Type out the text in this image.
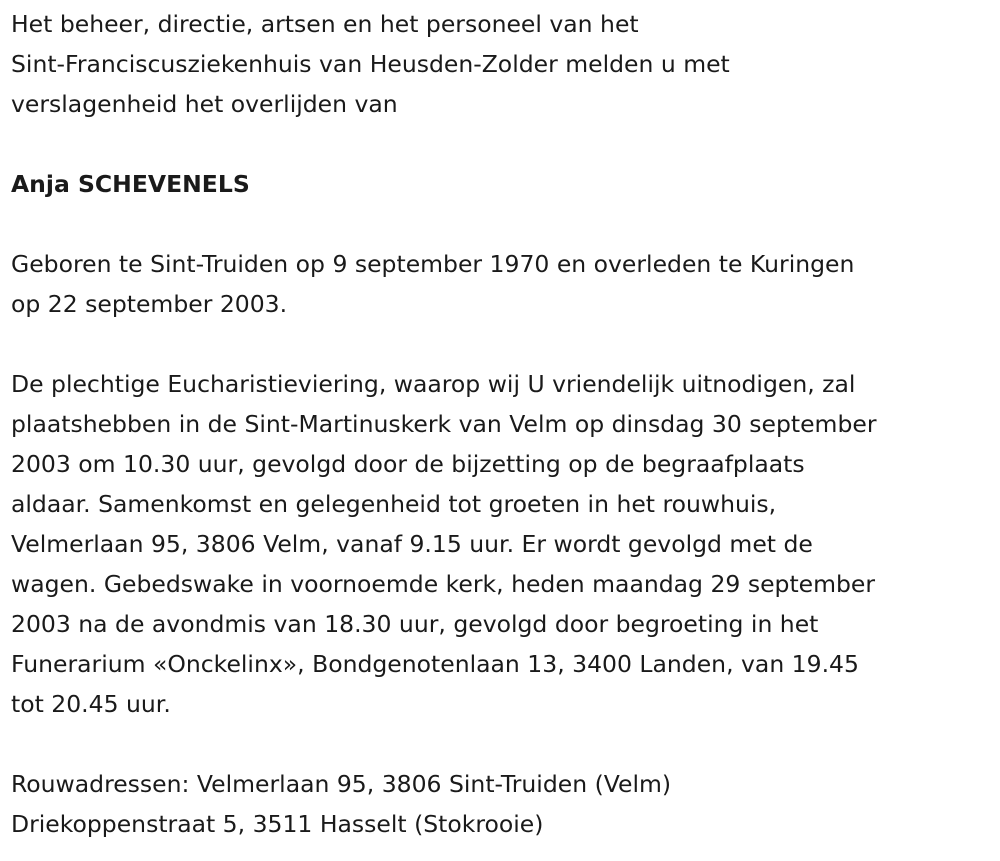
Het beheer, directie, artsen en het personeel van het
Sint-Franciscusziekenhuis van Heusden-Zolder melden u met
verslagenheid het overlijden van

Anja SCHEVENELS

Geboren te Sint-Truiden op 9 september 1970 en overleden te Kuringen
op 22 september 2003.

De plechtige Eucharistieviering, waarop wij U vriendelijk uitnodigen, zal
plaatshebben in de Sint-Martinuskerk van Velm op dinsdag 30 september
2003 om 10.30 uur, gevolgd door de bijzetting op de begraafplaats
aldaar. Samenkomst en gelegenheid tot groeten in het rouwhuis,
Velmerlaan 95, 3806 Velm, vanaf 9.15 uur. Er wordt gevolgd met de
wagen. Gebedswake in voornoemde kerk, heden maandag 29 september
2003 na de avondmis van 18.30 uur, gevolgd door begroeting in het
Funerarium «Onckelinx», Bondgenotenlaan 13, 3400 Landen, van 19.45
tot 20.45 uur.

Rouwadressen: Velmerlaan 95, 3806 Sint-Truiden (Velm)
Driekoppenstraat 5, 3511 Hasselt (Stokrooie)
